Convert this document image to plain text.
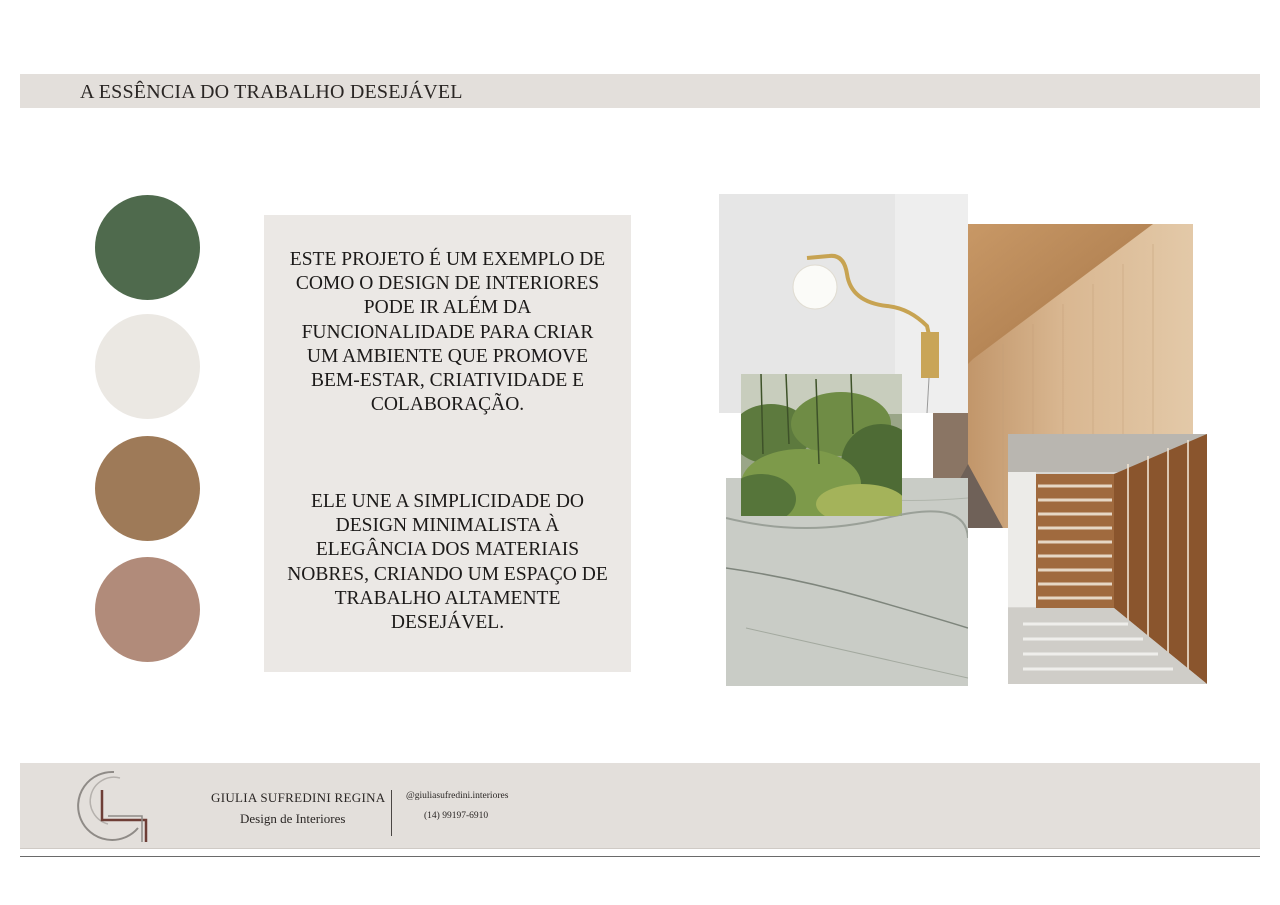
A ESSÊNCIA DO TRABALHO DESEJÁVEL

ESTE PROJETO É UM EXEMPLO DE COMO O DESIGN DE INTERIORES PODE IR ALÉM DA FUNCIONALIDADE PARA CRIAR UM AMBIENTE QUE PROMOVE BEM-ESTAR, CRIATIVIDADE E COLABORAÇÃO.

ELE UNE A SIMPLICIDADE DO DESIGN MINIMALISTA À ELEGÂNCIA DOS MATERIAIS NOBRES, CRIANDO UM ESPAÇO DE TRABALHO ALTAMENTE DESEJÁVEL.

GIULIA SUFREDINI REGINA
Design de Interiores
@giuliasufredini.interiores
(14) 99197-6910
